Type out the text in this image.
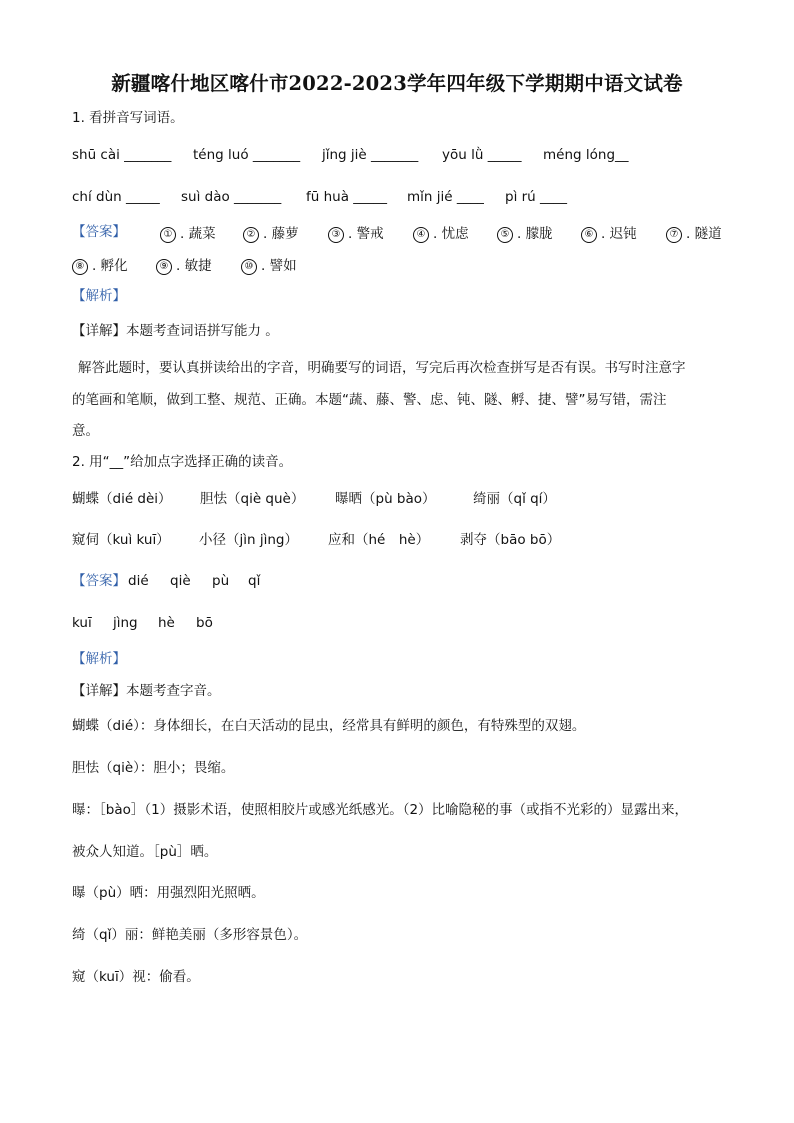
新疆喀什地区喀什市2022-2023学年四年级下学期期中语文试卷
1. 看拼音写词语。
shū cài _______ téng luó _______ jǐng jiè _______ yōu lǜ _____ méng lóng__
chí dùn _____ suì dào _______ fū huà _____ mǐn jié ____ pì rú ____
【答案】	① . 蔬菜	② . 藤萝	③ . 警戒	④ . 忧虑	⑤ . 朦胧	⑥ . 迟钝	⑦ . 隧道
⑧ . 孵化	⑨ . 敏捷	⑩ . 譬如
【解析】
【详解】本题考查词语拼写能力 。
解答此题时，要认真拼读给出的字音，明确要写的词语，写完后再次检查拼写是否有误。书写时注意字
的笔画和笔顺，做到工整、规范、正确。本题“蔬、藤、警、虑、钝、隧、孵、捷、譬”易写错，需注
意。
2. 用“__”给加点字选择正确的读音。
蝴蝶（dié dèi） 胆怯（qiè què） 曝晒（pù bào）	绮丽（qǐ qí）
窥伺（kuì kuī） 小径（jìn jìng） 应和（hé　hè） 剥夺（bāo bō）
【答案】 dié qiè pù qǐ
kuī jìng hè bō
【解析】
【详解】本题考查字音。
蝴蝶（dié）：身体细长，在白天活动的昆虫，经常具有鲜明的颜色，有特殊型的双翅。
胆怯（qiè）：胆小；畏缩。
曝：［bào］（1）摄影术语，使照相胶片或感光纸感光。（2）比喻隐秘的事（或指不光彩的）显露出来，
被众人知道。［pù］晒。
曝（pù）晒：用强烈阳光照晒。
绮（qǐ）丽：鲜艳美丽（多形容景色）。
窥（kuī）视：偷看。
